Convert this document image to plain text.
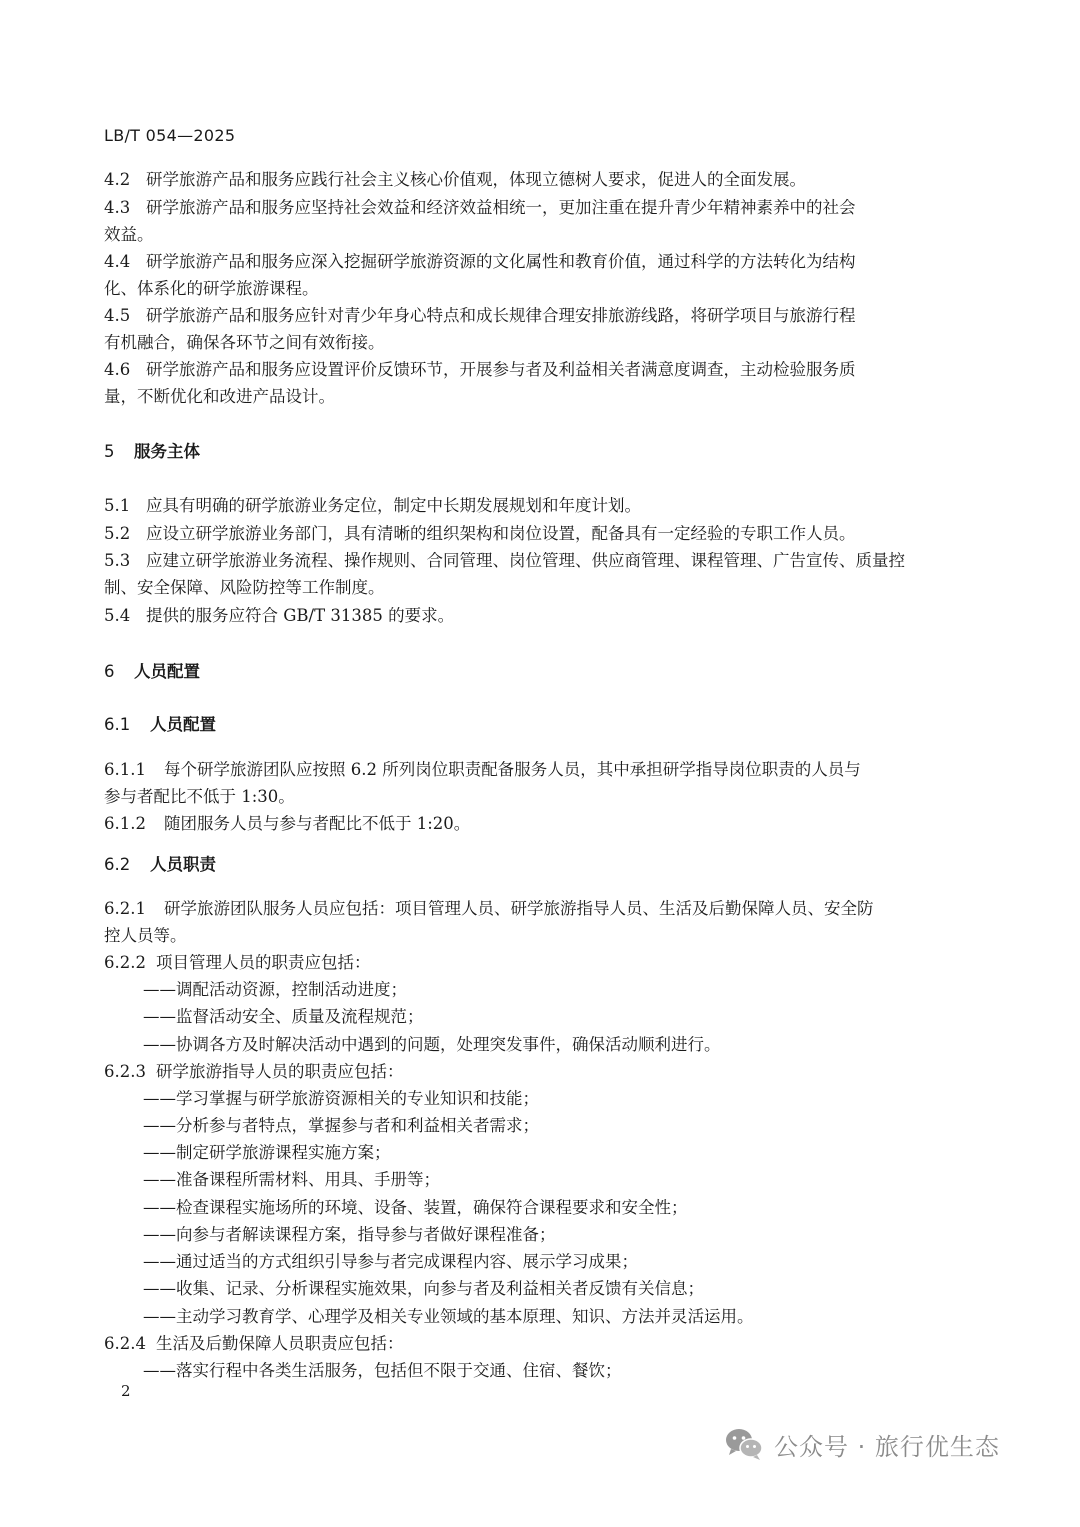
LB/T 054—2025
4.2 研学旅游产品和服务应践行社会主义核心价值观，体现立德树人要求，促进人的全面发展。
4.3 研学旅游产品和服务应坚持社会效益和经济效益相统一，更加注重在提升青少年精神素养中的社会
效益。
4.4 研学旅游产品和服务应深入挖掘研学旅游资源的文化属性和教育价值，通过科学的方法转化为结构
化、体系化的研学旅游课程。
4.5 研学旅游产品和服务应针对青少年身心特点和成长规律合理安排旅游线路，将研学项目与旅游行程
有机融合，确保各环节之间有效衔接。
4.6 研学旅游产品和服务应设置评价反馈环节，开展参与者及利益相关者满意度调查，主动检验服务质
量，不断优化和改进产品设计。
5 服务主体
5.1 应具有明确的研学旅游业务定位，制定中长期发展规划和年度计划。
5.2 应设立研学旅游业务部门，具有清晰的组织架构和岗位设置，配备具有一定经验的专职工作人员。
5.3 应建立研学旅游业务流程、操作规则、合同管理、岗位管理、供应商管理、课程管理、广告宣传、质量控
制、安全保障、风险防控等工作制度。
5.4 提供的服务应符合 GB/T 31385 的要求。
6 人员配置
6.1 人员配置
6.1.1 每个研学旅游团队应按照 6.2 所列岗位职责配备服务人员，其中承担研学指导岗位职责的人员与
参与者配比不低于 1:30。
6.1.2 随团服务人员与参与者配比不低于 1:20。
6.2 人员职责
6.2.1 研学旅游团队服务人员应包括：项目管理人员、研学旅游指导人员、生活及后勤保障人员、安全防
控人员等。
6.2.2 项目管理人员的职责应包括：
——调配活动资源，控制活动进度；
——监督活动安全、质量及流程规范；
——协调各方及时解决活动中遇到的问题，处理突发事件，确保活动顺利进行。
6.2.3 研学旅游指导人员的职责应包括：
——学习掌握与研学旅游资源相关的专业知识和技能；
——分析参与者特点，掌握参与者和利益相关者需求；
——制定研学旅游课程实施方案；
——准备课程所需材料、用具、手册等；
——检查课程实施场所的环境、设备、装置，确保符合课程要求和安全性；
——向参与者解读课程方案，指导参与者做好课程准备；
——通过适当的方式组织引导参与者完成课程内容、展示学习成果；
——收集、记录、分析课程实施效果，向参与者及利益相关者反馈有关信息；
——主动学习教育学、心理学及相关专业领域的基本原理、知识、方法并灵活运用。
6.2.4 生活及后勤保障人员职责应包括：
——落实行程中各类生活服务，包括但不限于交通、住宿、餐饮；
2
公众号 · 旅行优生态
